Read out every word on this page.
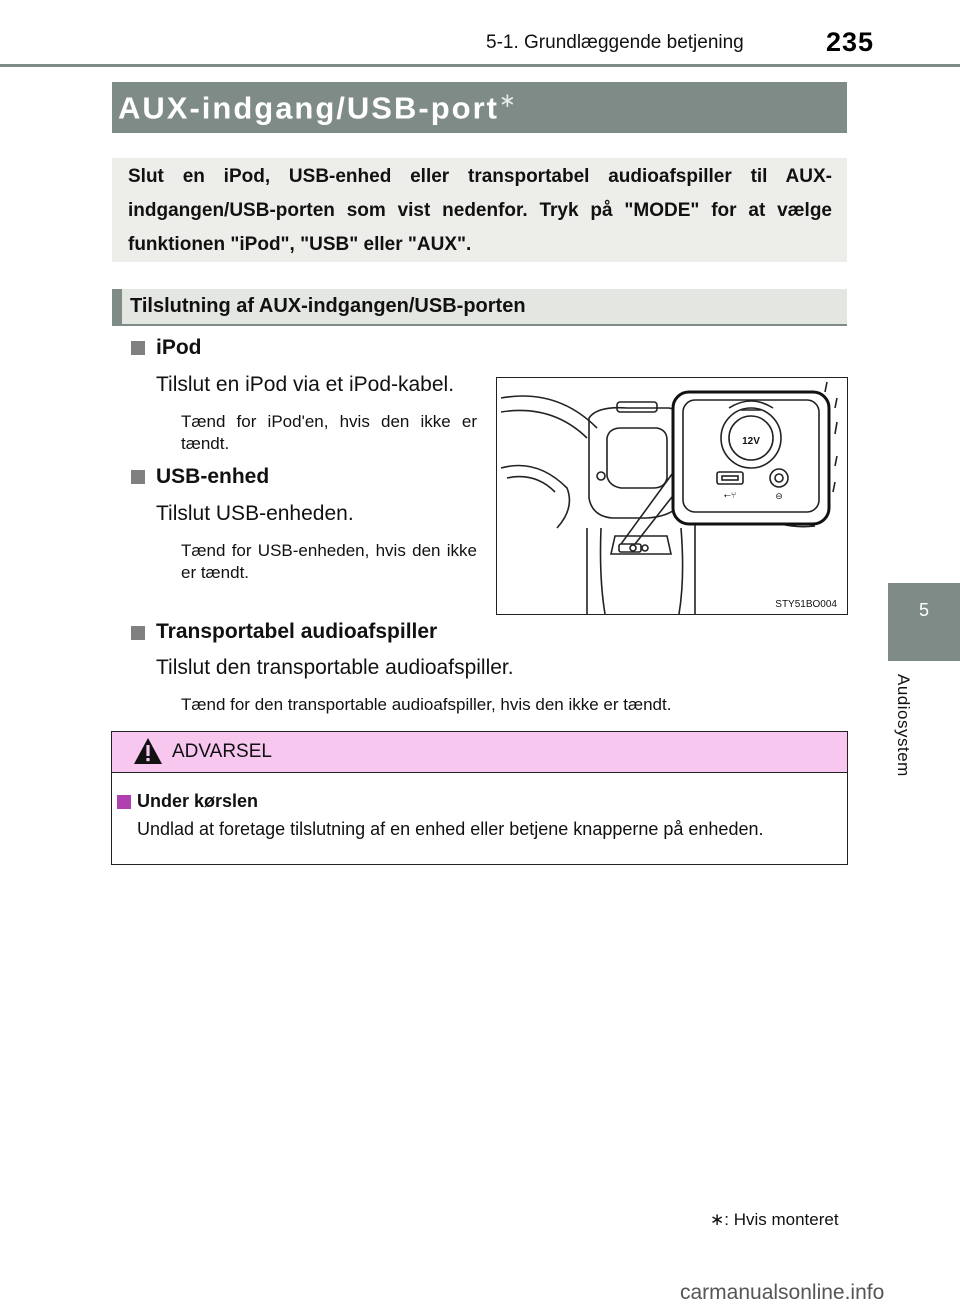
5-1. Grundlæggende betjening	235
5
Audiosystem
AUX-indgang/USB-port∗
Slut en iPod, USB-enhed eller transportabel audioafspiller til AUX-indgangen/USB-porten som vist nedenfor. Tryk på "MODE" for at vælge funktionen "iPod", "USB" eller "AUX".
Tilslutning af AUX-indgangen/USB-porten
iPod
Tilslut en iPod via et iPod-kabel.
Tænd for iPod'en, hvis den ikke er tændt.
USB-enhed
Tilslut USB-enheden.
Tænd for USB-enheden, hvis den ikke er tændt.
Transportabel audioafspiller
Tilslut den transportable audioafspiller.
Tænd for den transportable audioafspiller, hvis den ikke er tændt.
12V
⭠⑂	⊖
STY51BO004
ADVARSEL
Under kørslen
Undlad at foretage tilslutning af en enhed eller betjene knapperne på enheden.
∗: Hvis monteret
carmanualsonline.info
